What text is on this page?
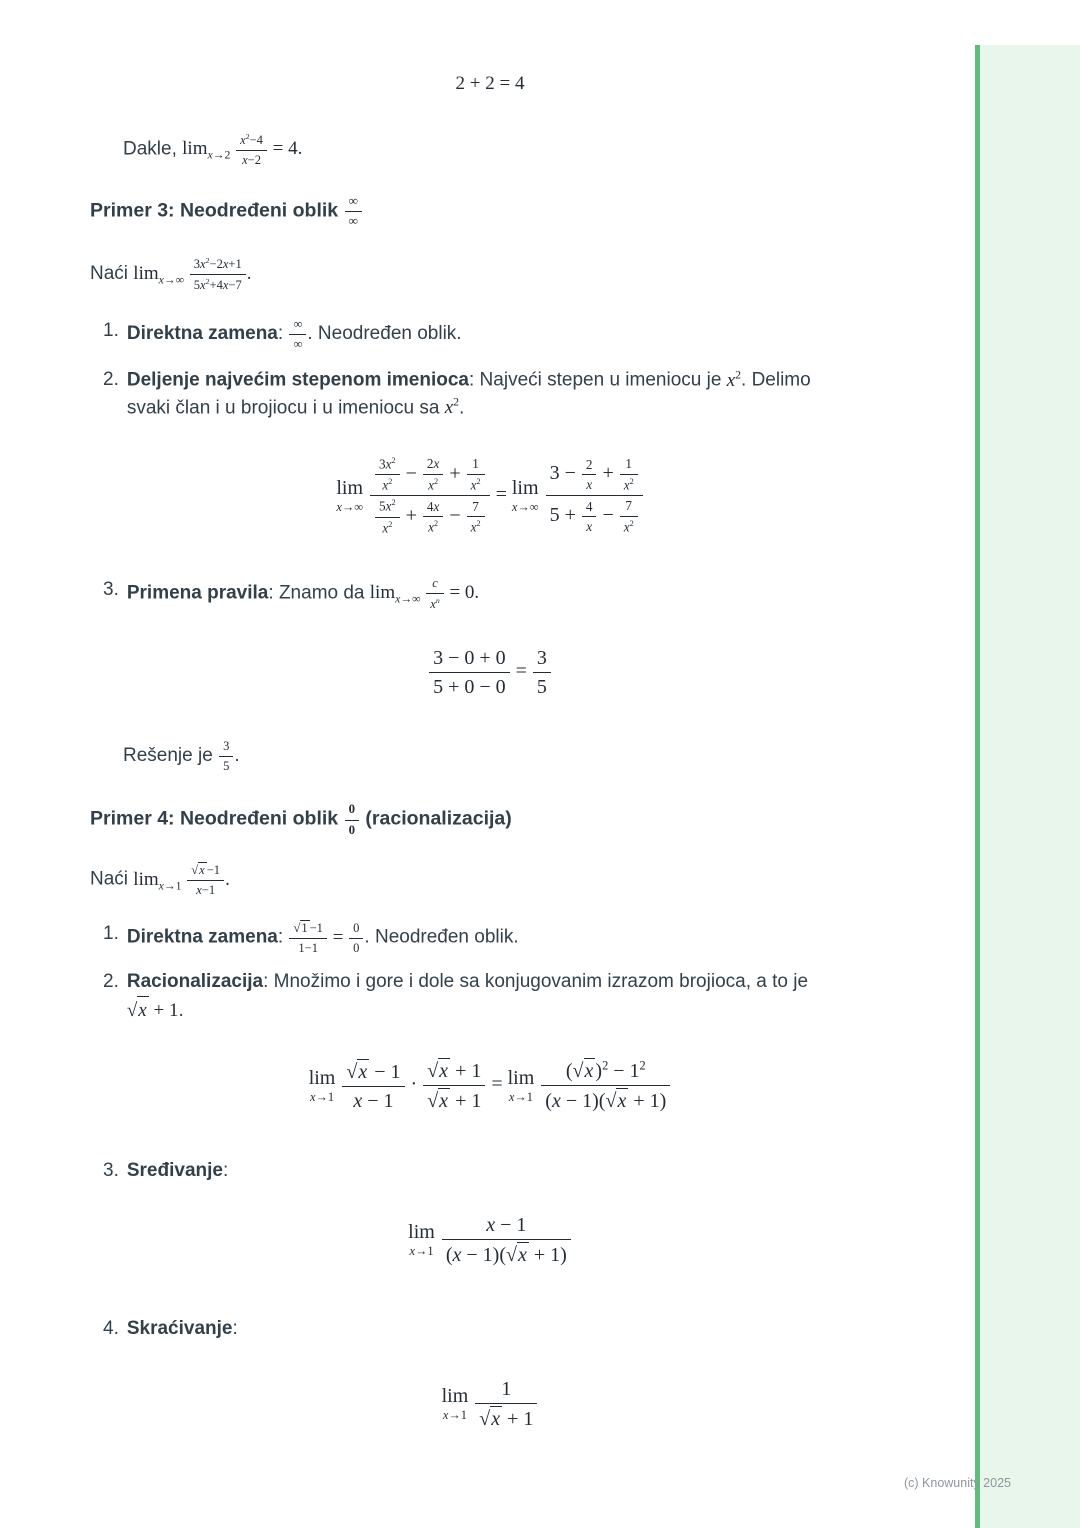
2 + 2 = 4

Dakle, $\lim_{x\to 2} \frac{x^2-4}{x-2} = 4$.

Primer 3: Neodređeni oblik $\frac{\infty}{\infty}$

Naći $\lim_{x\to\infty} \frac{3x^2-2x+1}{5x^2+4x-7}$ .

1. Direktna zamena: $\frac{\infty}{\infty}$ . Neodređen oblik.
2. Deljenje najvećim stepenom imenioca: Najveći stepen u imeniocu je $x^2$. Delimo svaki član i u brojiocu i u imeniocu sa $x^2$.
lim
$x\to\infty \frac{\frac{3x^2}{x^2} - \frac{2x}{x^2} + \frac{1}{x^2}}{\frac{5x^2}{x^2} + \frac{4x}{x^2} - \frac{7}{x^2}} = \lim$
$x\to\infty \frac{3 - \frac{2}{x} + \frac{1}{x^2}}{5 + \frac{4}{x} - \frac{7}{x^2}}$
3. Primena pravila: Znamo da $\lim_{x\to\infty} \frac{c}{x^n} = 0$.
$\frac{3 - 0 + 0}{5 + 0 - 0} = \frac{3}{5}$

Rešenje je $\frac{3}{5}$ .

Primer 4: Neodređeni oblik $\frac{0}{0}$ (racionalizacija)

Naći $\lim_{x\to 1} \frac{√x -1}{x-1}$ .

1. Direktna zamena: $\frac{√1 -1}{1-1} = \frac{0}{0}$ . Neodređen oblik.
2. Racionalizacija: Množimo i gore i dole sa konjugovanim izrazom brojioca, a to je √x + 1.
lim
$x\to 1 \frac{√x - 1}{x - 1} \cdot \frac{√x + 1}{√x + 1} = \lim$
$x\to 1 \frac{(√x )^2 - 1^2}{(x - 1)(√x + 1)}$
3. Sređivanje:
lim
$x\to 1 \frac{x - 1}{(x - 1)(√x + 1)}$
4. Skraćivanje:
lim
$x\to 1 \frac{1}{√x + 1}$
(c) Knowunity 2025
